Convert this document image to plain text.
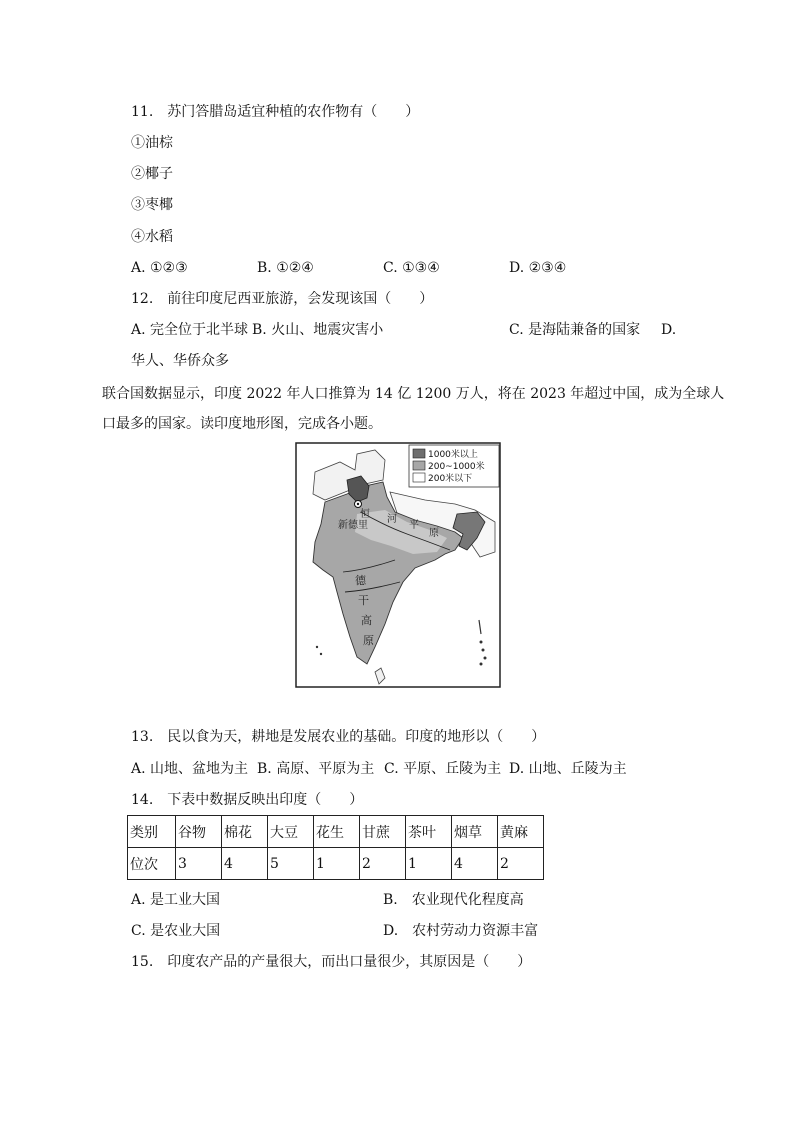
11.　苏门答腊岛适宜种植的农作物有（　　）
①油棕
②椰子
③枣椰
④水稻
A. ①②③	B. ①②④	C. ①③④	D. ②③④
12.　前往印度尼西亚旅游，会发现该国（　　）
A. 完全位于北半球 B. 火山、地震灾害小	C. 是海陆兼备的国家 D.
华人、华侨众多
联合国数据显示，印度 2022 年人口推算为 14 亿 1200 万人，将在 2023 年超过中国，成为全球人
口最多的国家。读印度地形图，完成各小题。
1000米以上
200~1000米
200米以下
新德里
恒 河
平
原
德
干
高
原
13.　民以食为天，耕地是发展农业的基础。印度的地形以（　　）
A. 山地、盆地为主 B. 高原、平原为主 C. 平原、丘陵为主 D. 山地、丘陵为主
14.　下表中数据反映出印度（　　）
类别	谷物	棉花	大豆	花生	甘蔗	茶叶	烟草	黄麻
位次	3	4	5	1	2	1	4	2
A. 是工业大国	B.　农业现代化程度高
C. 是农业大国	D.　农村劳动力资源丰富
15.　印度农产品的产量很大，而出口量很少，其原因是（　　）
